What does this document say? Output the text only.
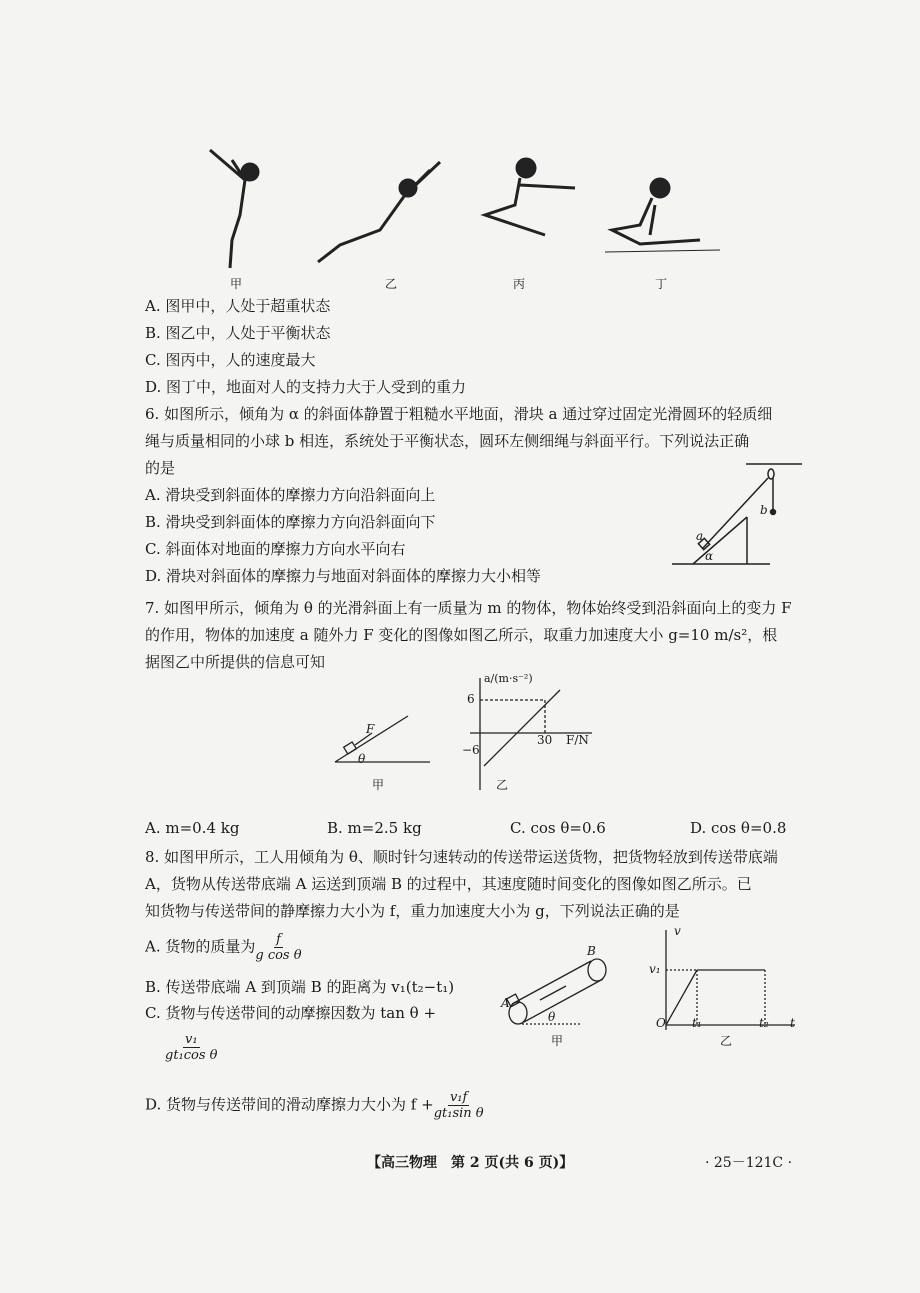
甲	乙	丙	丁
A. 图甲中，人处于超重状态
B. 图乙中，人处于平衡状态
C. 图丙中，人的速度最大
D. 图丁中，地面对人的支持力大于人受到的重力
6. 如图所示，倾角为 α 的斜面体静置于粗糙水平地面，滑块 a 通过穿过固定光滑圆环的轻质细
绳与质量相同的小球 b 相连，系统处于平衡状态，圆环左侧细绳与斜面平行。下列说法正确
的是
A. 滑块受到斜面体的摩擦力方向沿斜面向上
B. 滑块受到斜面体的摩擦力方向沿斜面向下
C. 斜面体对地面的摩擦力方向水平向右
D. 滑块对斜面体的摩擦力与地面对斜面体的摩擦力大小相等
a
b
α
7. 如图甲所示，倾角为 θ 的光滑斜面上有一质量为 m 的物体，物体始终受到沿斜面向上的变力 F
的作用，物体的加速度 a 随外力 F 变化的图像如图乙所示，取重力加速度大小 g=10 m/s²，根
据图乙中所提供的信息可知
F
θ
甲	乙
a/(m·s⁻²)
F/N
6
−6
30
A. m=0.4 kg	B. m=2.5 kg	C. cos θ=0.6	D. cos θ=0.8
8. 如图甲所示，工人用倾角为 θ、顺时针匀速转动的传送带运送货物，把货物轻放到传送带底端
A，货物从传送带底端 A 运送到顶端 B 的过程中，其速度随时间变化的图像如图乙所示。已
知货物与传送带间的静摩擦力大小为 f，重力加速度大小为 g，下列说法正确的是
A. 货物的质量为 $\frac{f}{\text{g cos θ}}$
B. 传送带底端 A 到顶端 B 的距离为 v₁(t₂−t₁)
C. 货物与传送带间的动摩擦因数为 tan θ +
$\frac{\text{v₁}}{\text{gt₁cos θ}}$
D. 货物与传送带间的滑动摩擦力大小为 $f + \frac{\text{v₁f}}{\text{gt₁sin θ}}$
B
A
θ
甲
v
v₁
O t₁	t₂ t
乙
【高三物理　第 2 页(共 6 页)】	· 25－121C ·
